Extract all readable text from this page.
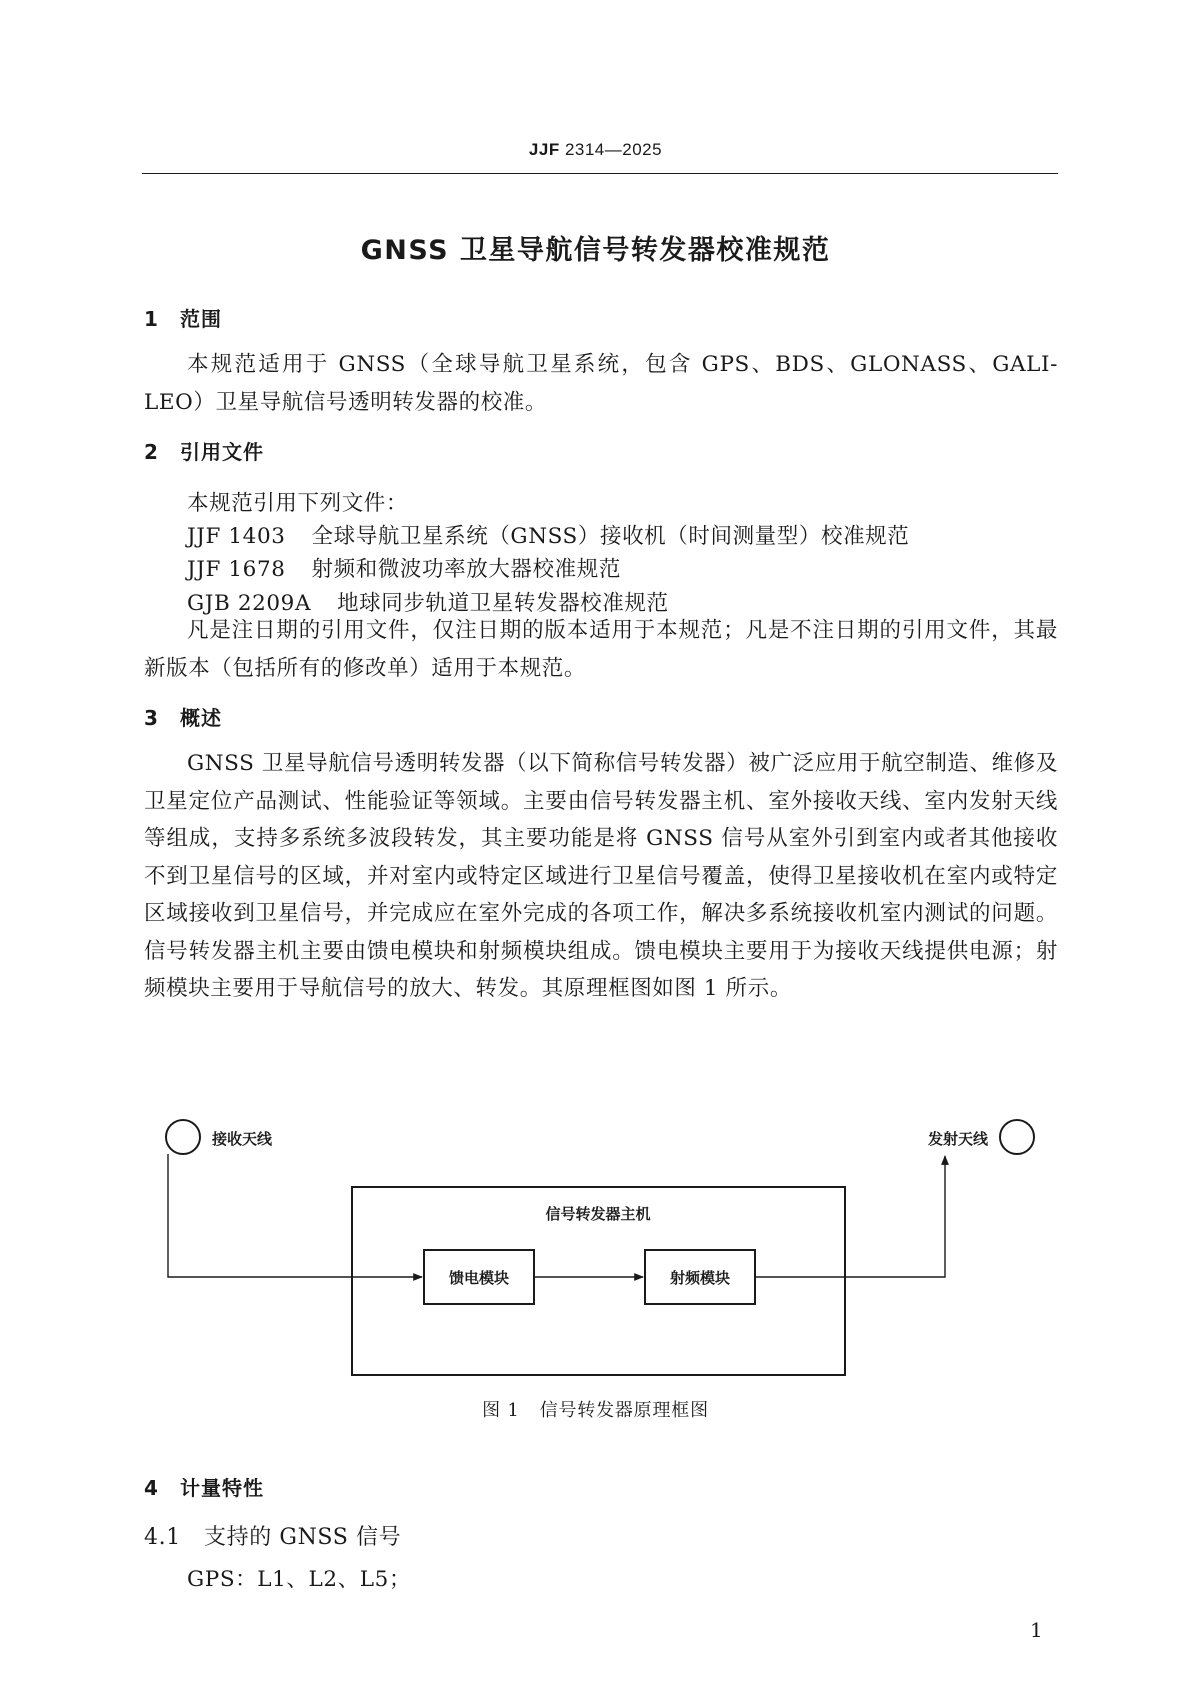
JJF 2314—2025
GNSS 卫星导航信号转发器校准规范
1 范围
本规范适用于 GNSS（全球导航卫星系统，包含 GPS、BDS、GLONASS、GALI-LEO）卫星导航信号透明转发器的校准。
2 引用文件
本规范引用下列文件：
JJF 1403 全球导航卫星系统（GNSS）接收机（时间测量型）校准规范
JJF 1678 射频和微波功率放大器校准规范
GJB 2209A 地球同步轨道卫星转发器校准规范
凡是注日期的引用文件，仅注日期的版本适用于本规范；凡是不注日期的引用文件，其最新版本（包括所有的修改单）适用于本规范。
3 概述
GNSS 卫星导航信号透明转发器（以下简称信号转发器）被广泛应用于航空制造、维修及卫星定位产品测试、性能验证等领域。主要由信号转发器主机、室外接收天线、室内发射天线等组成，支持多系统多波段转发，其主要功能是将 GNSS 信号从室外引到室内或者其他接收不到卫星信号的区域，并对室内或特定区域进行卫星信号覆盖，使得卫星接收机在室内或特定区域接收到卫星信号，并完成应在室外完成的各项工作，解决多系统接收机室内测试的问题。信号转发器主机主要由馈电模块和射频模块组成。馈电模块主要用于为接收天线提供电源；射频模块主要用于导航信号的放大、转发。其原理框图如图 1 所示。
接收天线	发射天线
信号转发器主机
馈电模块	射频模块
图 1 信号转发器原理框图
4 计量特性
4.1 支持的 GNSS 信号
GPS：L1、L2、L5；
1
